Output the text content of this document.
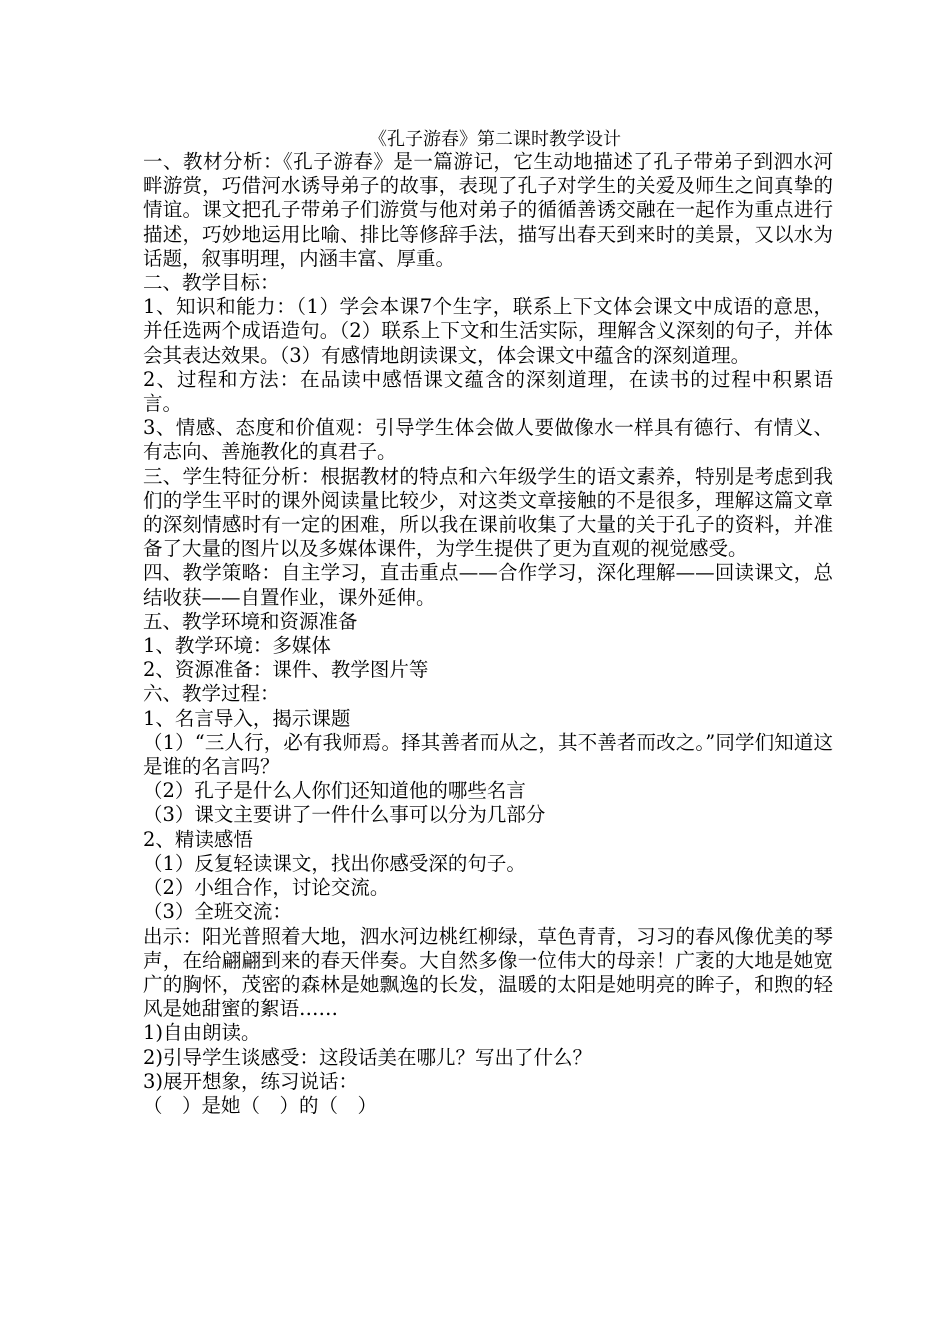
《孔子游春》第二课时教学设计

一、教材分析：《孔子游春》是一篇游记，它生动地描述了孔子带弟子到泗水河畔游赏，巧借河水诱导弟子的故事，表现了孔子对学生的关爱及师生之间真挚的情谊。课文把孔子带弟子们游赏与他对弟子的循循善诱交融在一起作为重点进行描述，巧妙地运用比喻、排比等修辞手法，描写出春天到来时的美景，又以水为话题，叙事明理，内涵丰富、厚重。

二、教学目标：

1、知识和能力：（1）学会本课7个生字，联系上下文体会课文中成语的意思，并任选两个成语造句。（2）联系上下文和生活实际，理解含义深刻的句子，并体会其表达效果。（3）有感情地朗读课文，体会课文中蕴含的深刻道理。

2、过程和方法：在品读中感悟课文蕴含的深刻道理，在读书的过程中积累语言。

3、情感、态度和价值观：引导学生体会做人要做像水一样具有德行、有情义、有志向、善施教化的真君子。

三、学生特征分析：根据教材的特点和六年级学生的语文素养，特别是考虑到我们的学生平时的课外阅读量比较少，对这类文章接触的不是很多，理解这篇文章的深刻情感时有一定的困难，所以我在课前收集了大量的关于孔子的资料，并准备了大量的图片以及多媒体课件，为学生提供了更为直观的视觉感受。

四、教学策略：自主学习，直击重点——合作学习，深化理解——回读课文，总结收获——自置作业，课外延伸。

五、教学环境和资源准备

1、教学环境：多媒体

2、资源准备：课件、教学图片等

六、教学过程：

1、名言导入，揭示课题

（1）“三人行，必有我师焉。择其善者而从之，其不善者而改之。”同学们知道这是谁的名言吗？

（2）孔子是什么人你们还知道他的哪些名言

（3）课文主要讲了一件什么事可以分为几部分

2、精读感悟

（1）反复轻读课文，找出你感受深的句子。

（2）小组合作，讨论交流。

（3）全班交流：

出示：阳光普照着大地，泗水河边桃红柳绿，草色青青，习习的春风像优美的琴声，在给翩翩到来的春天伴奏。大自然多像一位伟大的母亲！广袤的大地是她宽广的胸怀，茂密的森林是她飘逸的长发，温暖的太阳是她明亮的眸子，和煦的轻风是她甜蜜的絮语……

1)自由朗读。

2)引导学生谈感受：这段话美在哪儿？写出了什么？

3)展开想象，练习说话：

（　）是她（　）的（　）
